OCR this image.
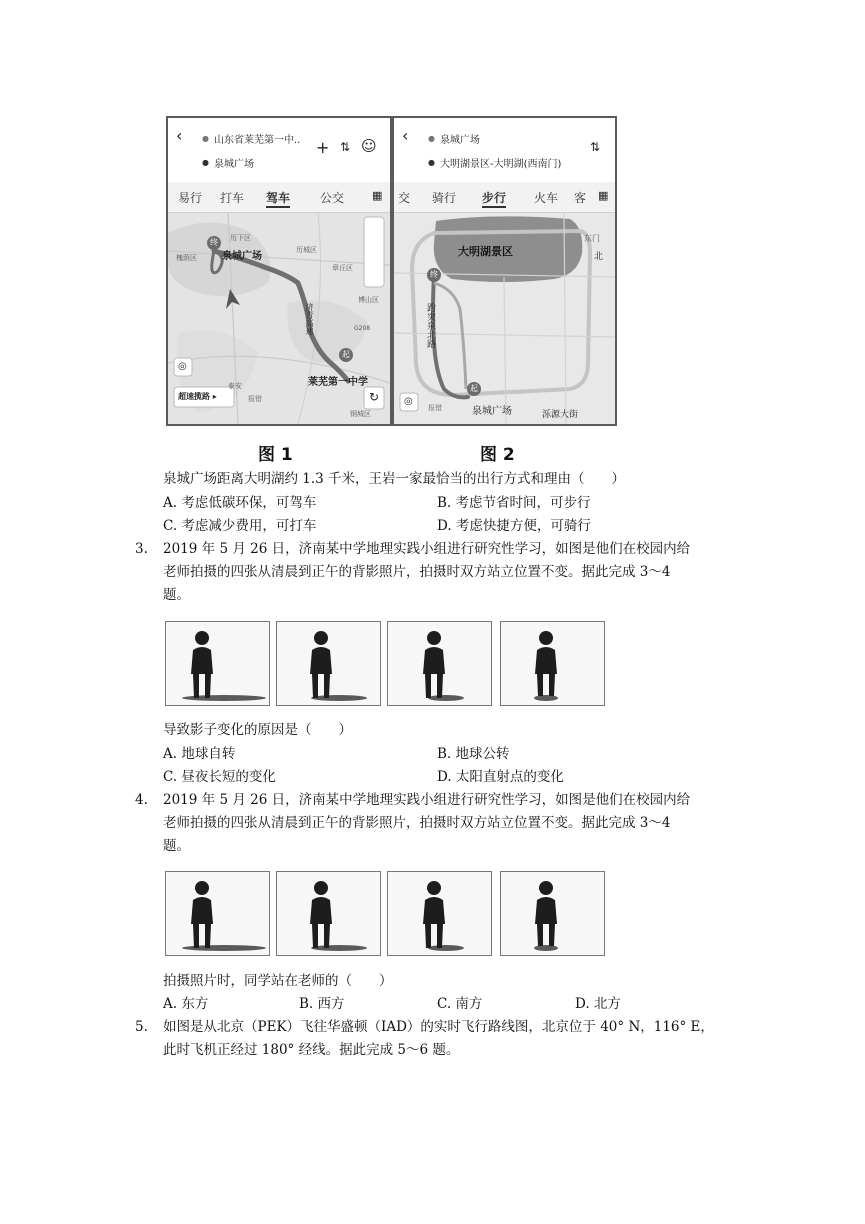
‹ ● 山东省莱芜第一中..
● 泉城广场
+ ⇅ ☺
易行 打车 驾车 公交	▦
终
起
历下区
泉城广场
历城区
槐荫区
章丘区
济青高速
博山区
G208
莱芜第一中学
泰安
钢城区
◎
超速揽路 ▸	报错	↻
图 1
‹ ● 泉城广场
● 大明湖景区-大明湖(西南门)
⇅
交 骑行 步行 火车 客 ▦
终
起
大明湖景区
东门
北
趵突泉北路
泉城广场	泺源大街
报错
◎
图 2
泉城广场距离大明湖约 1.3 千米，王岩一家最恰当的出行方式和理由（　　）
A. 考虑低碳环保，可驾车	B. 考虑节省时间，可步行
C. 考虑减少费用，可打车	D. 考虑快捷方便，可骑行
3. 2019 年 5 月 26 日，济南某中学地理实践小组进行研究性学习，如图是他们在校园内给
老师拍摄的四张从清晨到正午的背影照片，拍摄时双方站立位置不变。据此完成 3～4
题。
导致影子变化的原因是（　　）
A. 地球自转	B. 地球公转
C. 昼夜长短的变化	D. 太阳直射点的变化
4. 2019 年 5 月 26 日，济南某中学地理实践小组进行研究性学习，如图是他们在校园内给
老师拍摄的四张从清晨到正午的背影照片，拍摄时双方站立位置不变。据此完成 3～4
题。
拍摄照片时，同学站在老师的（　　）
A. 东方	B. 西方	C. 南方	D. 北方
5. 如图是从北京（PEK）飞往华盛顿（IAD）的实时飞行路线图，北京位于 40° N，116° E，
此时飞机正经过 180° 经线。据此完成 5～6 题。
